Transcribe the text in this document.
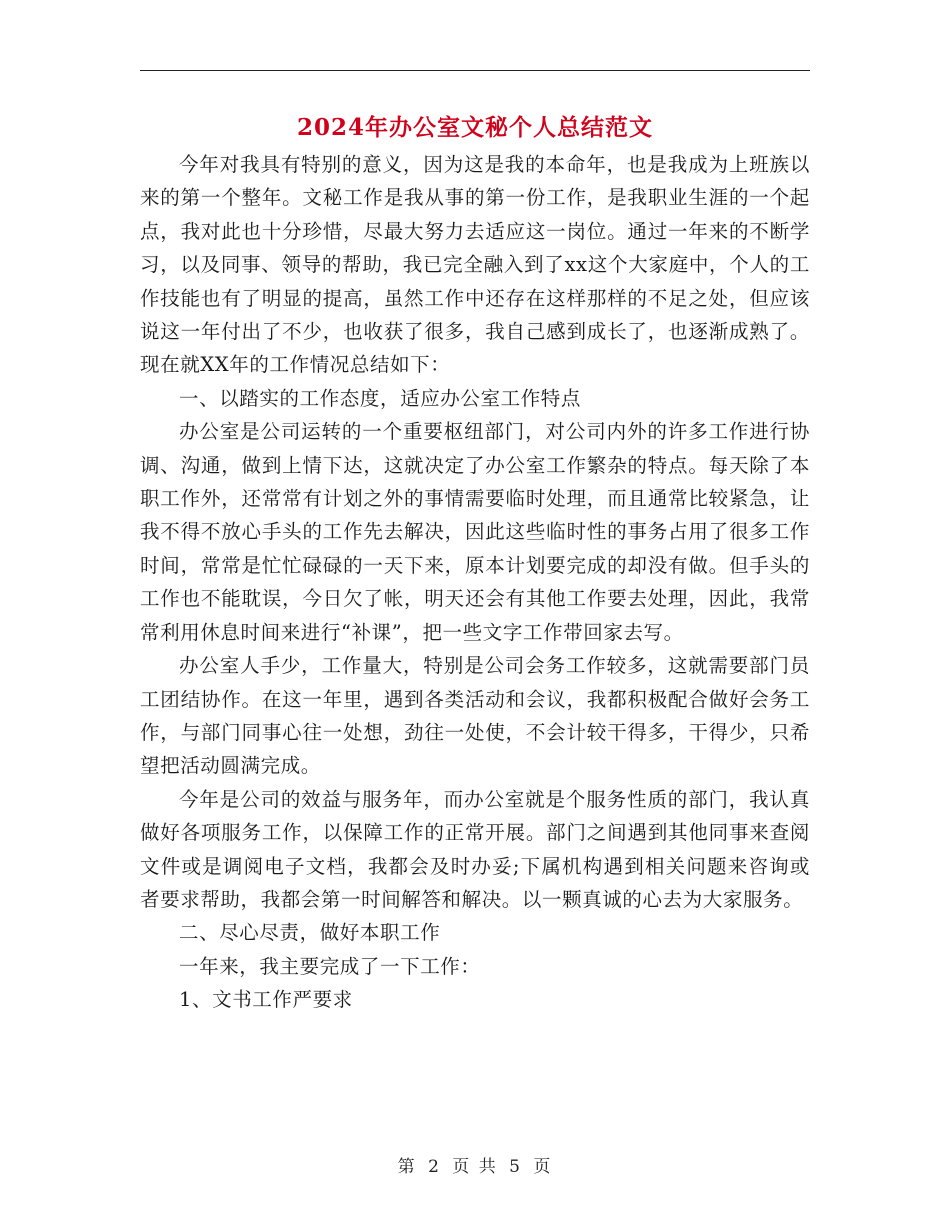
2024年办公室文秘个人总结范文

今年对我具有特别的意义，因为这是我的本命年，也是我成为上班族以来的第一个整年。文秘工作是我从事的第一份工作，是我职业生涯的一个起点，我对此也十分珍惜，尽最大努力去适应这一岗位。通过一年来的不断学习，以及同事、领导的帮助，我已完全融入到了xx这个大家庭中，个人的工作技能也有了明显的提高，虽然工作中还存在这样那样的不足之处，但应该说这一年付出了不少，也收获了很多，我自己感到成长了，也逐渐成熟了。现在就XX年的工作情况总结如下：

一、以踏实的工作态度，适应办公室工作特点

办公室是公司运转的一个重要枢纽部门，对公司内外的许多工作进行协调、沟通，做到上情下达，这就决定了办公室工作繁杂的特点。每天除了本职工作外，还常常有计划之外的事情需要临时处理，而且通常比较紧急，让我不得不放心手头的工作先去解决，因此这些临时性的事务占用了很多工作时间，常常是忙忙碌碌的一天下来，原本计划要完成的却没有做。但手头的工作也不能耽误，今日欠了帐，明天还会有其他工作要去处理，因此，我常常利用休息时间来进行“补课”，把一些文字工作带回家去写。

办公室人手少，工作量大，特别是公司会务工作较多，这就需要部门员工团结协作。在这一年里，遇到各类活动和会议，我都积极配合做好会务工作，与部门同事心往一处想，劲往一处使，不会计较干得多，干得少，只希望把活动圆满完成。

今年是公司的效益与服务年，而办公室就是个服务性质的部门，我认真做好各项服务工作，以保障工作的正常开展。部门之间遇到其他同事来查阅文件或是调阅电子文档，我都会及时办妥;下属机构遇到相关问题来咨询或者要求帮助，我都会第一时间解答和解决。以一颗真诚的心去为大家服务。

二、尽心尽责，做好本职工作

一年来，我主要完成了一下工作：

1、文书工作严要求

第 2 页 共 5 页
